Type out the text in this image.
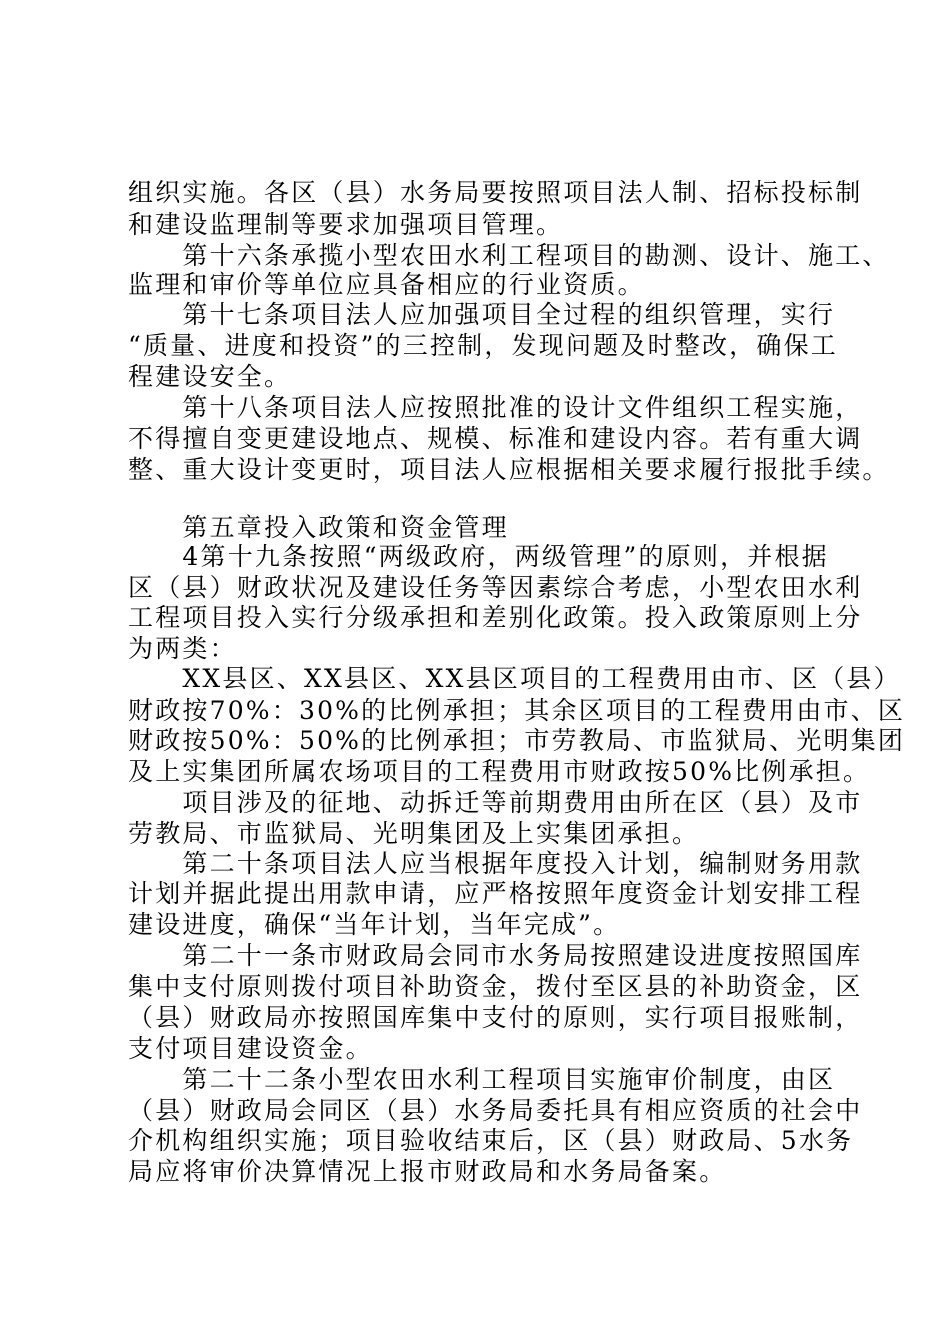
组织实施。各区（县）水务局要按照项目法人制、招标投标制
和建设监理制等要求加强项目管理。
　　第十六条承揽小型农田水利工程项目的勘测、设计、施工、
监理和审价等单位应具备相应的行业资质。
　　第十七条项目法人应加强项目全过程的组织管理，实行
“质量、进度和投资”的三控制，发现问题及时整改，确保工
程建设安全。
　　第十八条项目法人应按照批准的设计文件组织工程实施，
不得擅自变更建设地点、规模、标准和建设内容。若有重大调
整、重大设计变更时，项目法人应根据相关要求履行报批手续。
　　第五章投入政策和资金管理
　　4第十九条按照“两级政府，两级管理”的原则，并根据
区（县）财政状况及建设任务等因素综合考虑，小型农田水利
工程项目投入实行分级承担和差别化政策。投入政策原则上分
为两类：
　　XX县区、XX县区、XX县区项目的工程费用由市、区（县）
财政按70%：30%的比例承担；其余区项目的工程费用由市、区
财政按50%：50%的比例承担；市劳教局、市监狱局、光明集团
及上实集团所属农场项目的工程费用市财政按50%比例承担。
　　项目涉及的征地、动拆迁等前期费用由所在区（县）及市
劳教局、市监狱局、光明集团及上实集团承担。
　　第二十条项目法人应当根据年度投入计划，编制财务用款
计划并据此提出用款申请，应严格按照年度资金计划安排工程
建设进度，确保“当年计划，当年完成”。
　　第二十一条市财政局会同市水务局按照建设进度按照国库
集中支付原则拨付项目补助资金，拨付至区县的补助资金，区
（县）财政局亦按照国库集中支付的原则，实行项目报账制，
支付项目建设资金。
　　第二十二条小型农田水利工程项目实施审价制度，由区
（县）财政局会同区（县）水务局委托具有相应资质的社会中
介机构组织实施；项目验收结束后，区（县）财政局、5水务
局应将审价决算情况上报市财政局和水务局备案。
